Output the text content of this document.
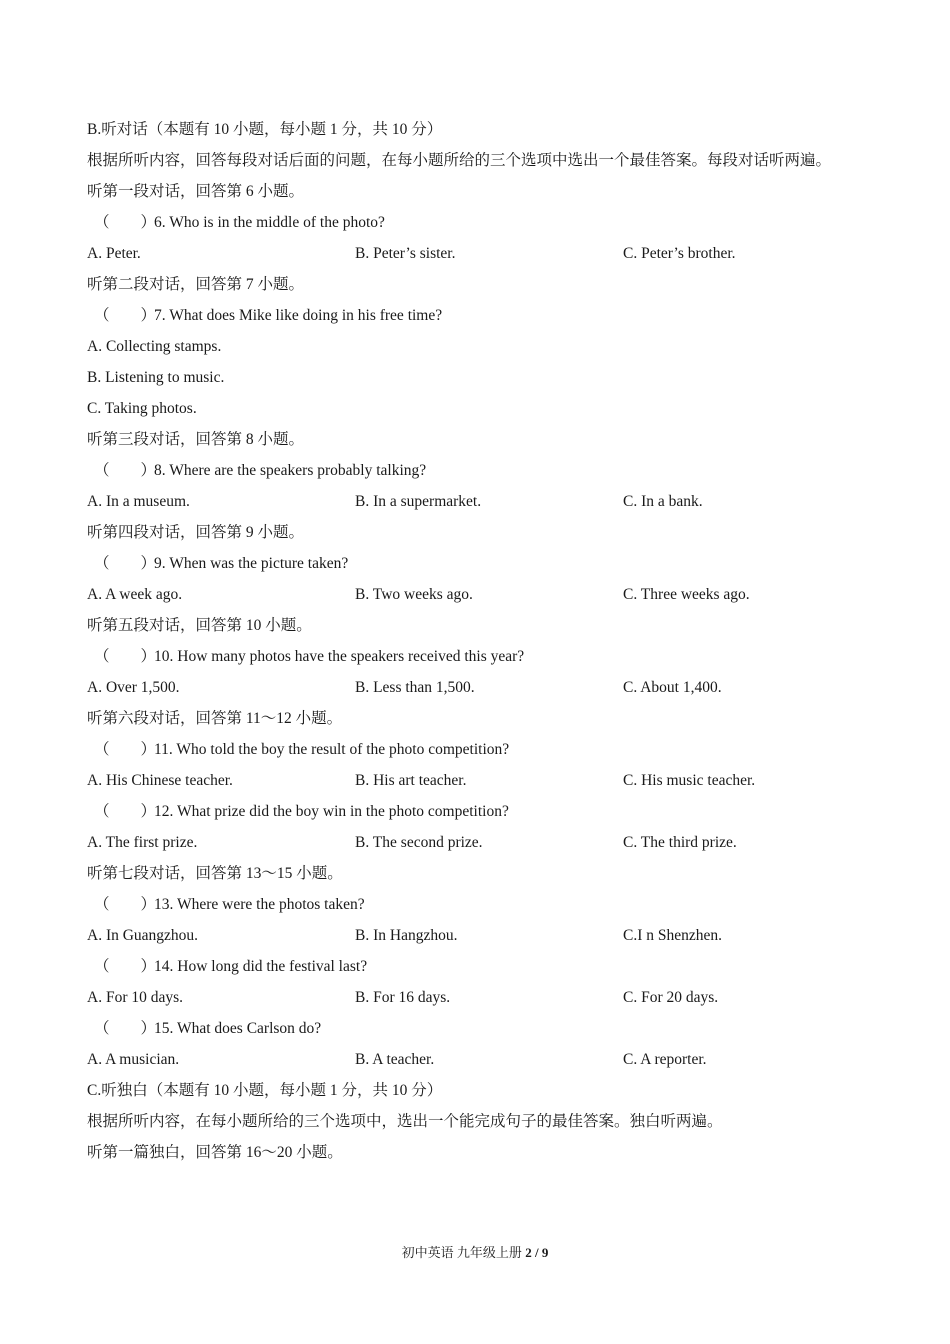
B.听对话（本题有 10 小题，每小题 1 分，共 10 分）
根据所听内容，回答每段对话后面的问题，在每小题所给的三个选项中选出一个最佳答案。每段对话听两遍。
听第一段对话，回答第 6 小题。
（　　）6. Who is in the middle of the photo?
A. Peter.	B. Peter’s sister.	C. Peter’s brother.
听第二段对话，回答第 7 小题。
（　　）7. What does Mike like doing in his free time?
A. Collecting stamps.
B. Listening to music.
C. Taking photos.
听第三段对话，回答第 8 小题。
（　　）8. Where are the speakers probably talking?
A. In a museum.	B. In a supermarket.	C. In a bank.
听第四段对话，回答第 9 小题。
（　　）9. When was the picture taken?
A. A week ago.	B. Two weeks ago.	C. Three weeks ago.
听第五段对话，回答第 10 小题。
（　　）10. How many photos have the speakers received this year?
A. Over 1,500.	B. Less than 1,500.	C. About 1,400.
听第六段对话，回答第 11～12 小题。
（　　）11. Who told the boy the result of the photo competition?
A. His Chinese teacher.	B. His art teacher.	C. His music teacher.
（　　）12. What prize did the boy win in the photo competition?
A. The first prize.	B. The second prize.	C. The third prize.
听第七段对话，回答第 13～15 小题。
（　　）13. Where were the photos taken?
A. In Guangzhou.	B. In Hangzhou.	C.I n Shenzhen.
（　　）14. How long did the festival last?
A. For 10 days.	B. For 16 days.	C. For 20 days.
（　　）15. What does Carlson do?
A. A musician.	B. A teacher.	C. A reporter.
C.听独白（本题有 10 小题，每小题 1 分，共 10 分）
根据所听内容，在每小题所给的三个选项中，选出一个能完成句子的最佳答案。独白听两遍。
听第一篇独白，回答第 16～20 小题。
初中英语 九年级上册 2 / 9
